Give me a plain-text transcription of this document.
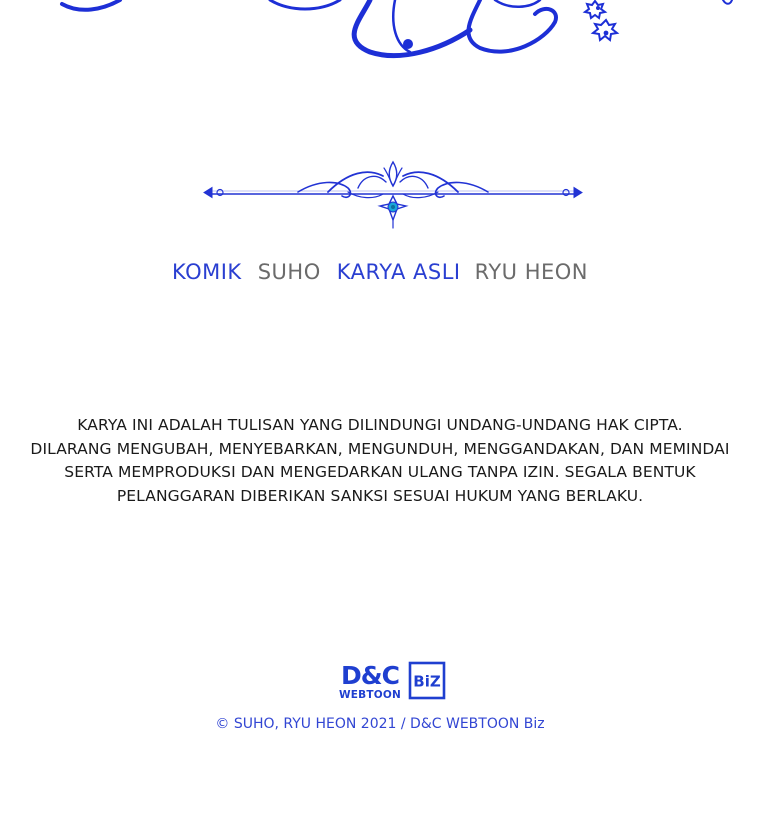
KOMIK SUHO KARYA ASLI RYU HEON
KARYA INI ADALAH TULISAN YANG DILINDUNGI UNDANG-UNDANG HAK CIPTA.
DILARANG MENGUBAH, MENYEBARKAN, MENGUNDUH, MENGGANDAKAN, DAN MEMINDAI
SERTA MEMPRODUKSI DAN MENGEDARKAN ULANG TANPA IZIN. SEGALA BENTUK
PELANGGARAN DIBERIKAN SANKSI SESUAI HUKUM YANG BERLAKU.
D&C
WEBTOON
BiZ
© SUHO, RYU HEON 2021 / D&C WEBTOON Biz
